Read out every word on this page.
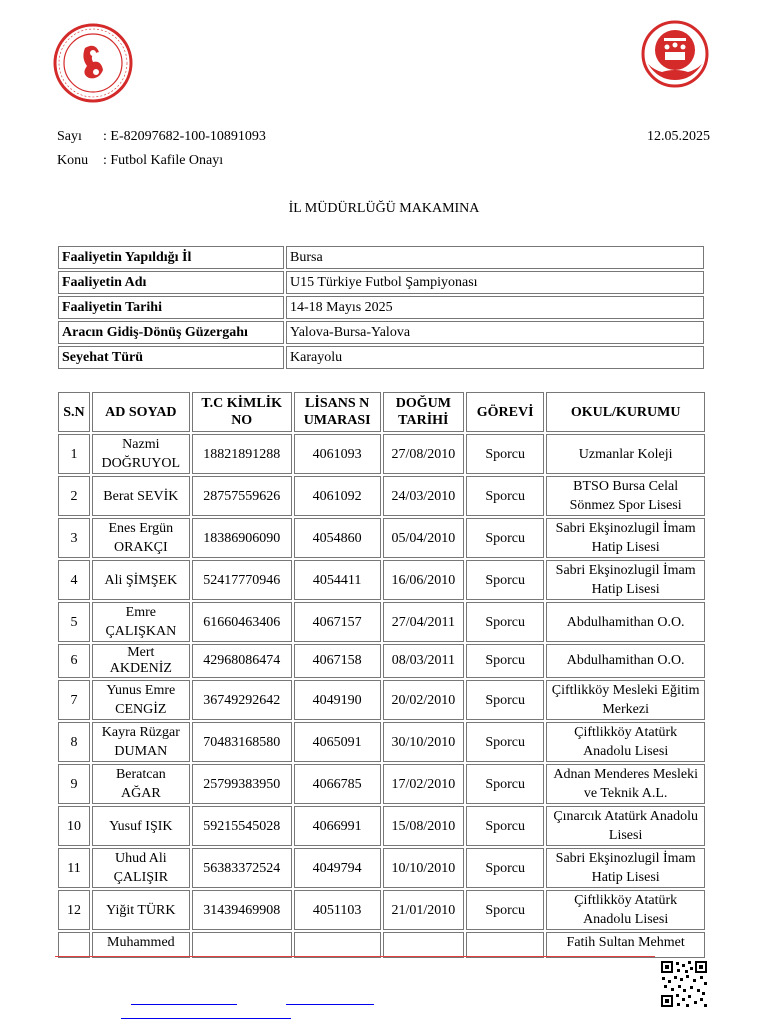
Sayı : E-82097682-100-10891093
Konu : Futbol Kafile Onayı
12.05.2025
İL MÜDÜRLÜĞÜ MAKAMINA
Faaliyetin Yapıldığı İl	Bursa
Faaliyetin Adı	U15 Türkiye Futbol Şampiyonası
Faaliyetin Tarihi	14-18 Mayıs 2025
Aracın Gidiş-Dönüş Güzergahı	Yalova-Bursa-Yalova
Seyehat Türü	Karayolu
S.N	AD SOYAD	T.C KİMLİK NO	LİSANS N UMARASI	DOĞUM TARİHİ	GÖREVİ	OKUL/KURUMU
1	Nazmi DOĞRUYOL	18821891288	4061093	27/08/2010	Sporcu	Uzmanlar Koleji
2	Berat SEVİK	28757559626	4061092	24/03/2010	Sporcu	BTSO Bursa Celal Sönmez Spor Lisesi
3	Enes Ergün ORAKÇI	18386906090	4054860	05/04/2010	Sporcu	Sabri Ekşinozlugil İmam Hatip Lisesi
4	Ali ŞİMŞEK	52417770946	4054411	16/06/2010	Sporcu	Sabri Ekşinozlugil İmam Hatip Lisesi
5	Emre ÇALIŞKAN	61660463406	4067157	27/04/2011	Sporcu	Abdulhamithan O.O.
6	Mert AKDENİZ	42968086474	4067158	08/03/2011	Sporcu	Abdulhamithan O.O.
7	Yunus Emre CENGİZ	36749292642	4049190	20/02/2010	Sporcu	Çiftlikköy Mesleki Eğitim Merkezi
8	Kayra Rüzgar DUMAN	70483168580	4065091	30/10/2010	Sporcu	Çiftlikköy Atatürk Anadolu Lisesi
9	Beratcan AĞAR	25799383950	4066785	17/02/2010	Sporcu	Adnan Menderes Mesleki ve Teknik A.L.
10	Yusuf IŞIK	59215545028	4066991	15/08/2010	Sporcu	Çınarcık Atatürk Anadolu Lisesi
11	Uhud Ali ÇALIŞIR	56383372524	4049794	10/10/2010	Sporcu	Sabri Ekşinozlugil İmam Hatip Lisesi
12	Yiğit TÜRK	31439469908	4051103	21/01/2010	Sporcu	Çiftlikköy Atatürk Anadolu Lisesi
	Muhammed					Fatih Sultan Mehmet
